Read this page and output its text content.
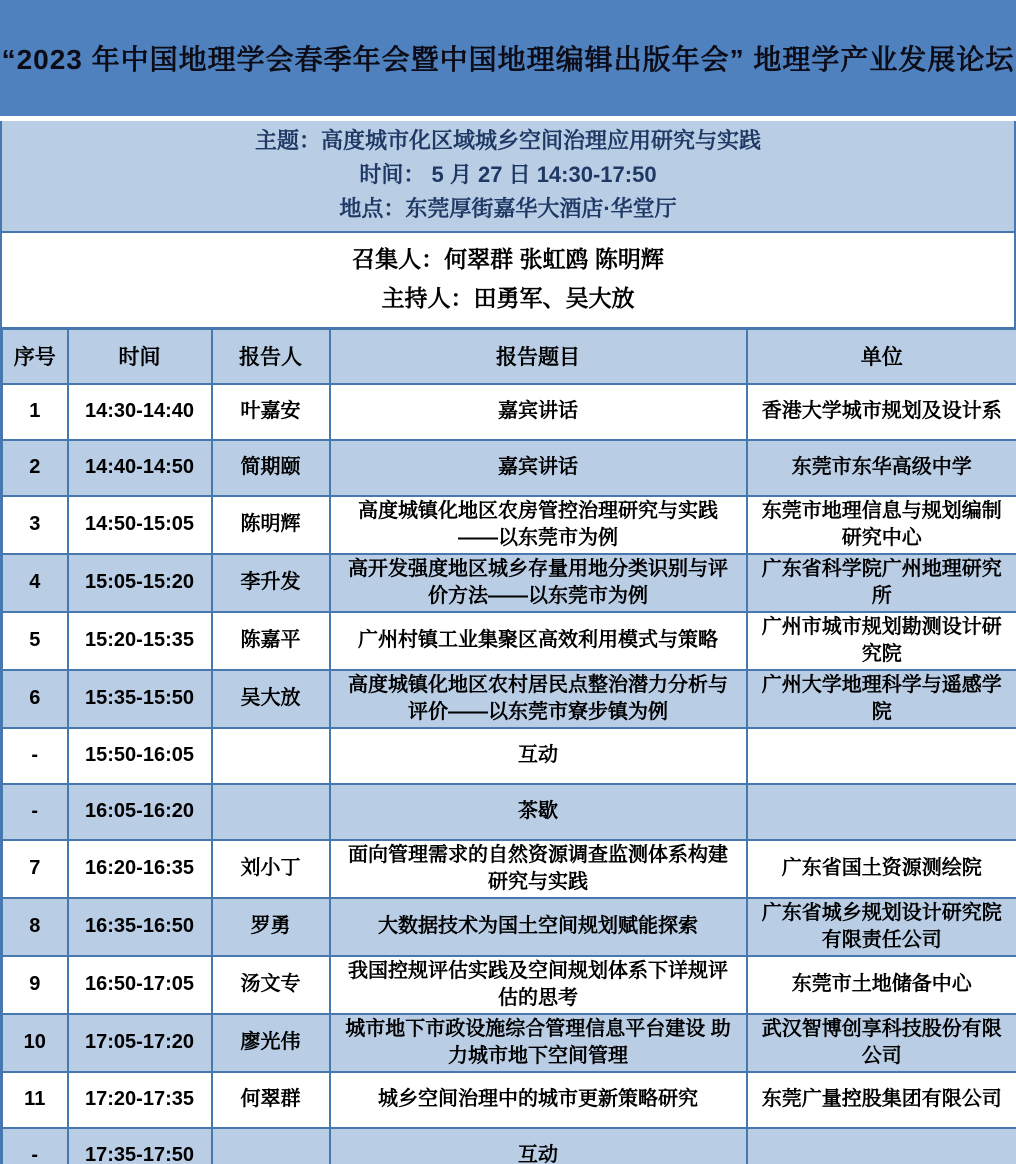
“2023 年中国地理学会春季年会暨中国地理编辑出版年会” 地理学产业发展论坛
主题：高度城市化区域城乡空间治理应用研究与实践
时间： 5 月 27 日 14:30-17:50
地点：东莞厚街嘉华大酒店·华堂厅
召集人：何翠群 张虹鸥 陈明辉
主持人：田勇军、吴大放
序号	时间	报告人	报告题目	单位
1	14:30-14:40	叶嘉安	嘉宾讲话	香港大学城市规划及设计系
2	14:40-14:50	简期颐	嘉宾讲话	东莞市东华高级中学
3	14:50-15:05	陈明辉	高度城镇化地区农房管控治理研究与实践——以东莞市为例	东莞市地理信息与规划编制研究中心
4	15:05-15:20	李升发	高开发强度地区城乡存量用地分类识别与评价方法——以东莞市为例	广东省科学院广州地理研究所
5	15:20-15:35	陈嘉平	广州村镇工业集聚区高效利用模式与策略	广州市城市规划勘测设计研究院
6	15:35-15:50	吴大放	高度城镇化地区农村居民点整治潜力分析与评价——以东莞市寮步镇为例	广州大学地理科学与遥感学院
-	15:50-16:05		互动	
-	16:05-16:20		茶歇	
7	16:20-16:35	刘小丁	面向管理需求的自然资源调查监测体系构建研究与实践	广东省国土资源测绘院
8	16:35-16:50	罗勇	大数据技术为国土空间规划赋能探索	广东省城乡规划设计研究院有限责任公司
9	16:50-17:05	汤文专	我国控规评估实践及空间规划体系下详规评估的思考	东莞市土地储备中心
10	17:05-17:20	廖光伟	城市地下市政设施综合管理信息平台建设 助力城市地下空间管理	武汉智博创享科技股份有限公司
11	17:20-17:35	何翠群	城乡空间治理中的城市更新策略研究	东莞广量控股集团有限公司
-	17:35-17:50		互动	
